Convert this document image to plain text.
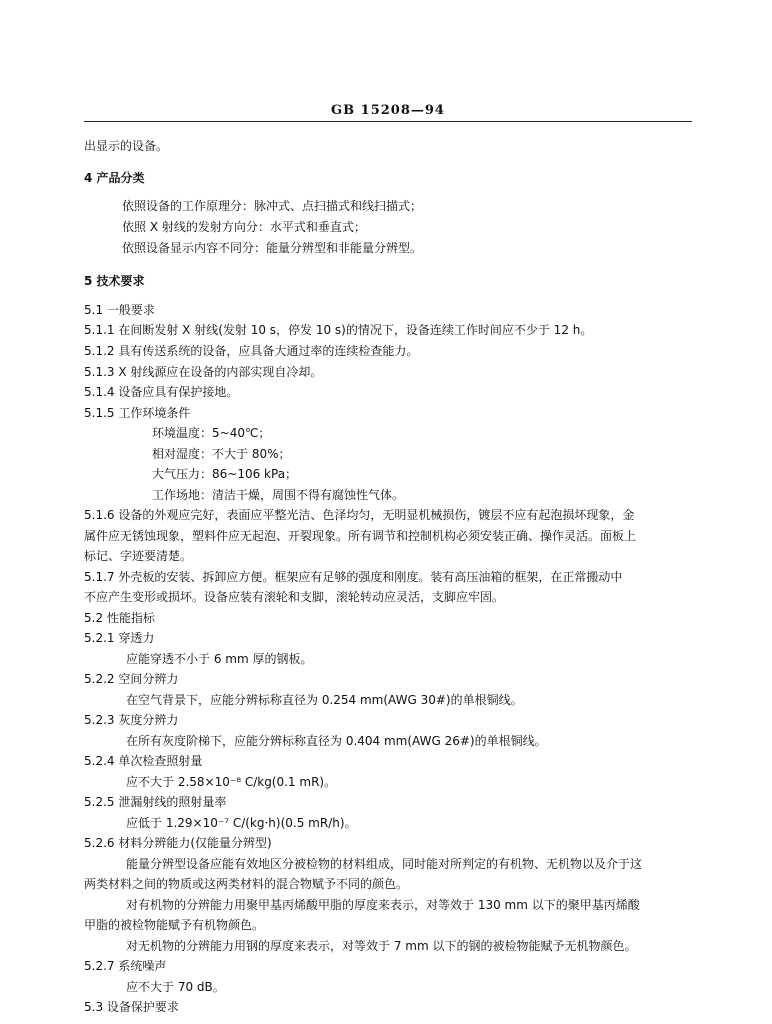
GB 15208—94
出显示的设备。
4 产品分类
依照设备的工作原理分：脉冲式、点扫描式和线扫描式；
依照 X 射线的发射方向分：水平式和垂直式；
依照设备显示内容不同分：能量分辨型和非能量分辨型。
5 技术要求
5.1 一般要求
5.1.1 在间断发射 X 射线(发射 10 s，停发 10 s)的情况下，设备连续工作时间应不少于 12 h。
5.1.2 具有传送系统的设备，应具备大通过率的连续检查能力。
5.1.3 X 射线源应在设备的内部实现自冷却。
5.1.4 设备应具有保护接地。
5.1.5 工作环境条件
环境温度：5~40℃；
相对湿度：不大于 80%；
大气压力：86~106 kPa；
工作场地：清洁干燥，周围不得有腐蚀性气体。
5.1.6 设备的外观应完好，表面应平整光洁、色泽均匀，无明显机械损伤，镀层不应有起泡损坏现象，金
属件应无锈蚀现象，塑料件应无起泡、开裂现象。所有调节和控制机构必须安装正确、操作灵活。面板上
标记、字迹要清楚。
5.1.7 外壳板的安装、拆卸应方便。框架应有足够的强度和刚度。装有高压油箱的框架，在正常搬动中
不应产生变形或损坏。设备应装有滚轮和支脚，滚轮转动应灵活，支脚应牢固。
5.2 性能指标
5.2.1 穿透力
应能穿透不小于 6 mm 厚的钢板。
5.2.2 空间分辨力
在空气背景下，应能分辨标称直径为 0.254 mm(AWG 30#)的单根铜线。
5.2.3 灰度分辨力
在所有灰度阶梯下，应能分辨标称直径为 0.404 mm(AWG 26#)的单根铜线。
5.2.4 单次检查照射量
应不大于 2.58×10⁻⁸ C/kg(0.1 mR)。
5.2.5 泄漏射线的照射量率
应低于 1.29×10⁻⁷ C/(kg·h)(0.5 mR/h)。
5.2.6 材料分辨能力(仅能量分辨型)
能量分辨型设备应能有效地区分被检物的材料组成，同时能对所判定的有机物、无机物以及介于这
两类材料之间的物质或这两类材料的混合物赋予不同的颜色。
对有机物的分辨能力用聚甲基丙烯酸甲脂的厚度来表示，对等效于 130 mm 以下的聚甲基丙烯酸
甲脂的被检物能赋予有机物颜色。
对无机物的分辨能力用钢的厚度来表示，对等效于 7 mm 以下的钢的被检物能赋予无机物颜色。
5.2.7 系统噪声
应不大于 70 dB。
5.3 设备保护要求
